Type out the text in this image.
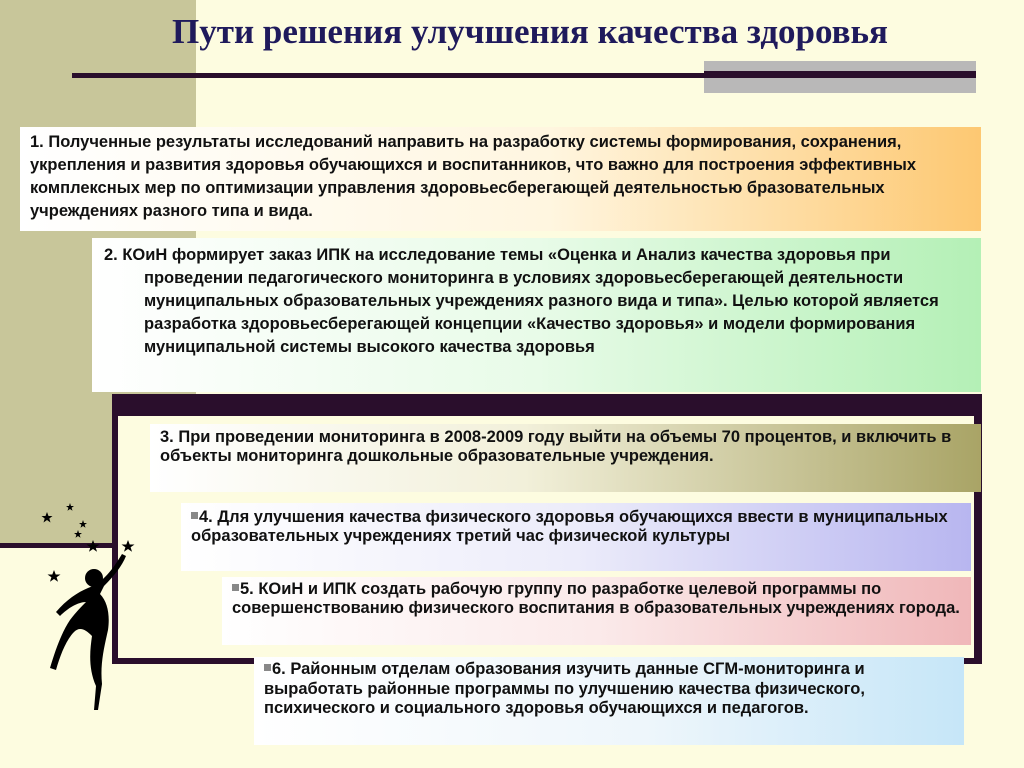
Пути решения улучшения качества здоровья

1. Полученные результаты исследований направить на разработку системы формирования, сохранения, укрепления и развития здоровья обучающихся и воспитанников, что важно для построения эффективных комплексных мер по оптимизации управления здоровьесберегающей деятельностью бразовательных учреждениях разного типа и вида.

2. КОиН формирует заказ ИПК на исследование темы «Оценка и Анализ качества здоровья при проведении педагогического мониторинга в условиях здоровьесберегающей деятельности муниципальных образовательных учреждениях разного вида и типа». Целью которой является разработка здоровьесберегающей концепции «Качество здоровья» и модели формирования муниципальной системы высокого качества здоровья

3. При проведении мониторинга в 2008-2009 году выйти на объемы 70 процентов, и включить в объекты мониторинга дошкольные образовательные учреждения.

4. Для улучшения качества физического здоровья обучающихся ввести в муниципальных образовательных учреждениях третий час физической культуры

5. КОиН и ИПК создать рабочую группу по разработке целевой программы по совершенствованию физического воспитания в образовательных учреждениях города.

6. Районным отделам образования изучить данные СГМ-мониторинга и выработать районные программы по улучшению качества физического, психического и социального здоровья обучающихся и педагогов.
